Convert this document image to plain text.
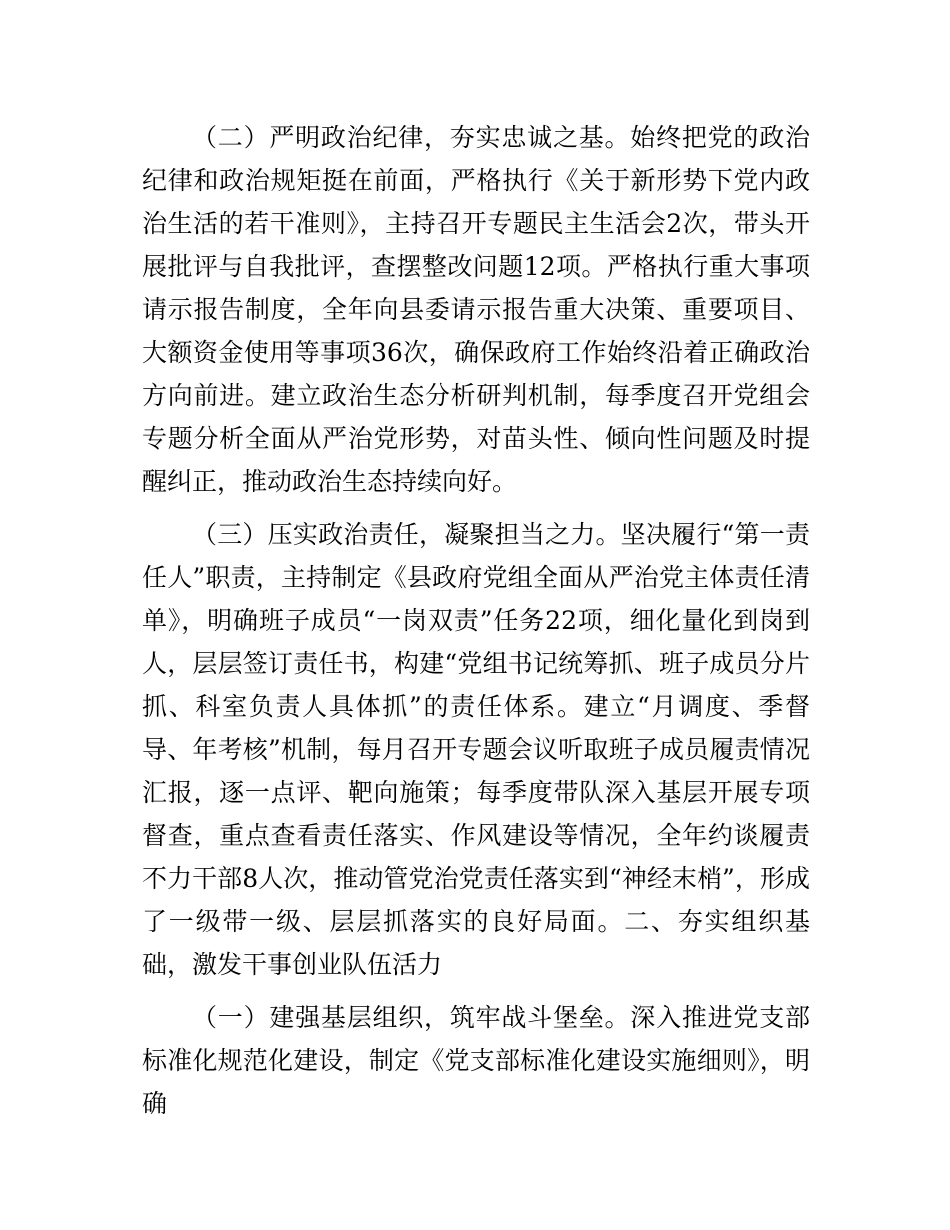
（二）严明政治纪律，夯实忠诚之基。始终把党的政治纪律和政治规矩挺在前面，严格执行《关于新形势下党内政治生活的若干准则》，主持召开专题民主生活会2次，带头开展批评与自我批评，查摆整改问题12项。严格执行重大事项请示报告制度，全年向县委请示报告重大决策、重要项目、大额资金使用等事项36次，确保政府工作始终沿着正确政治方向前进。建立政治生态分析研判机制，每季度召开党组会专题分析全面从严治党形势，对苗头性、倾向性问题及时提醒纠正，推动政治生态持续向好。

（三）压实政治责任，凝聚担当之力。坚决履行“第一责任人”职责，主持制定《县政府党组全面从严治党主体责任清单》，明确班子成员“一岗双责”任务22项，细化量化到岗到人，层层签订责任书，构建“党组书记统筹抓、班子成员分片抓、科室负责人具体抓”的责任体系。建立“月调度、季督导、年考核”机制，每月召开专题会议听取班子成员履责情况汇报，逐一点评、靶向施策；每季度带队深入基层开展专项督查，重点查看责任落实、作风建设等情况，全年约谈履责不力干部8人次，推动管党治党责任落实到“神经末梢”，形成了一级带一级、层层抓落实的良好局面。二、夯实组织基础，激发干事创业队伍活力

（一）建强基层组织，筑牢战斗堡垒。深入推进党支部标准化规范化建设，制定《党支部标准化建设实施细则》，明确
